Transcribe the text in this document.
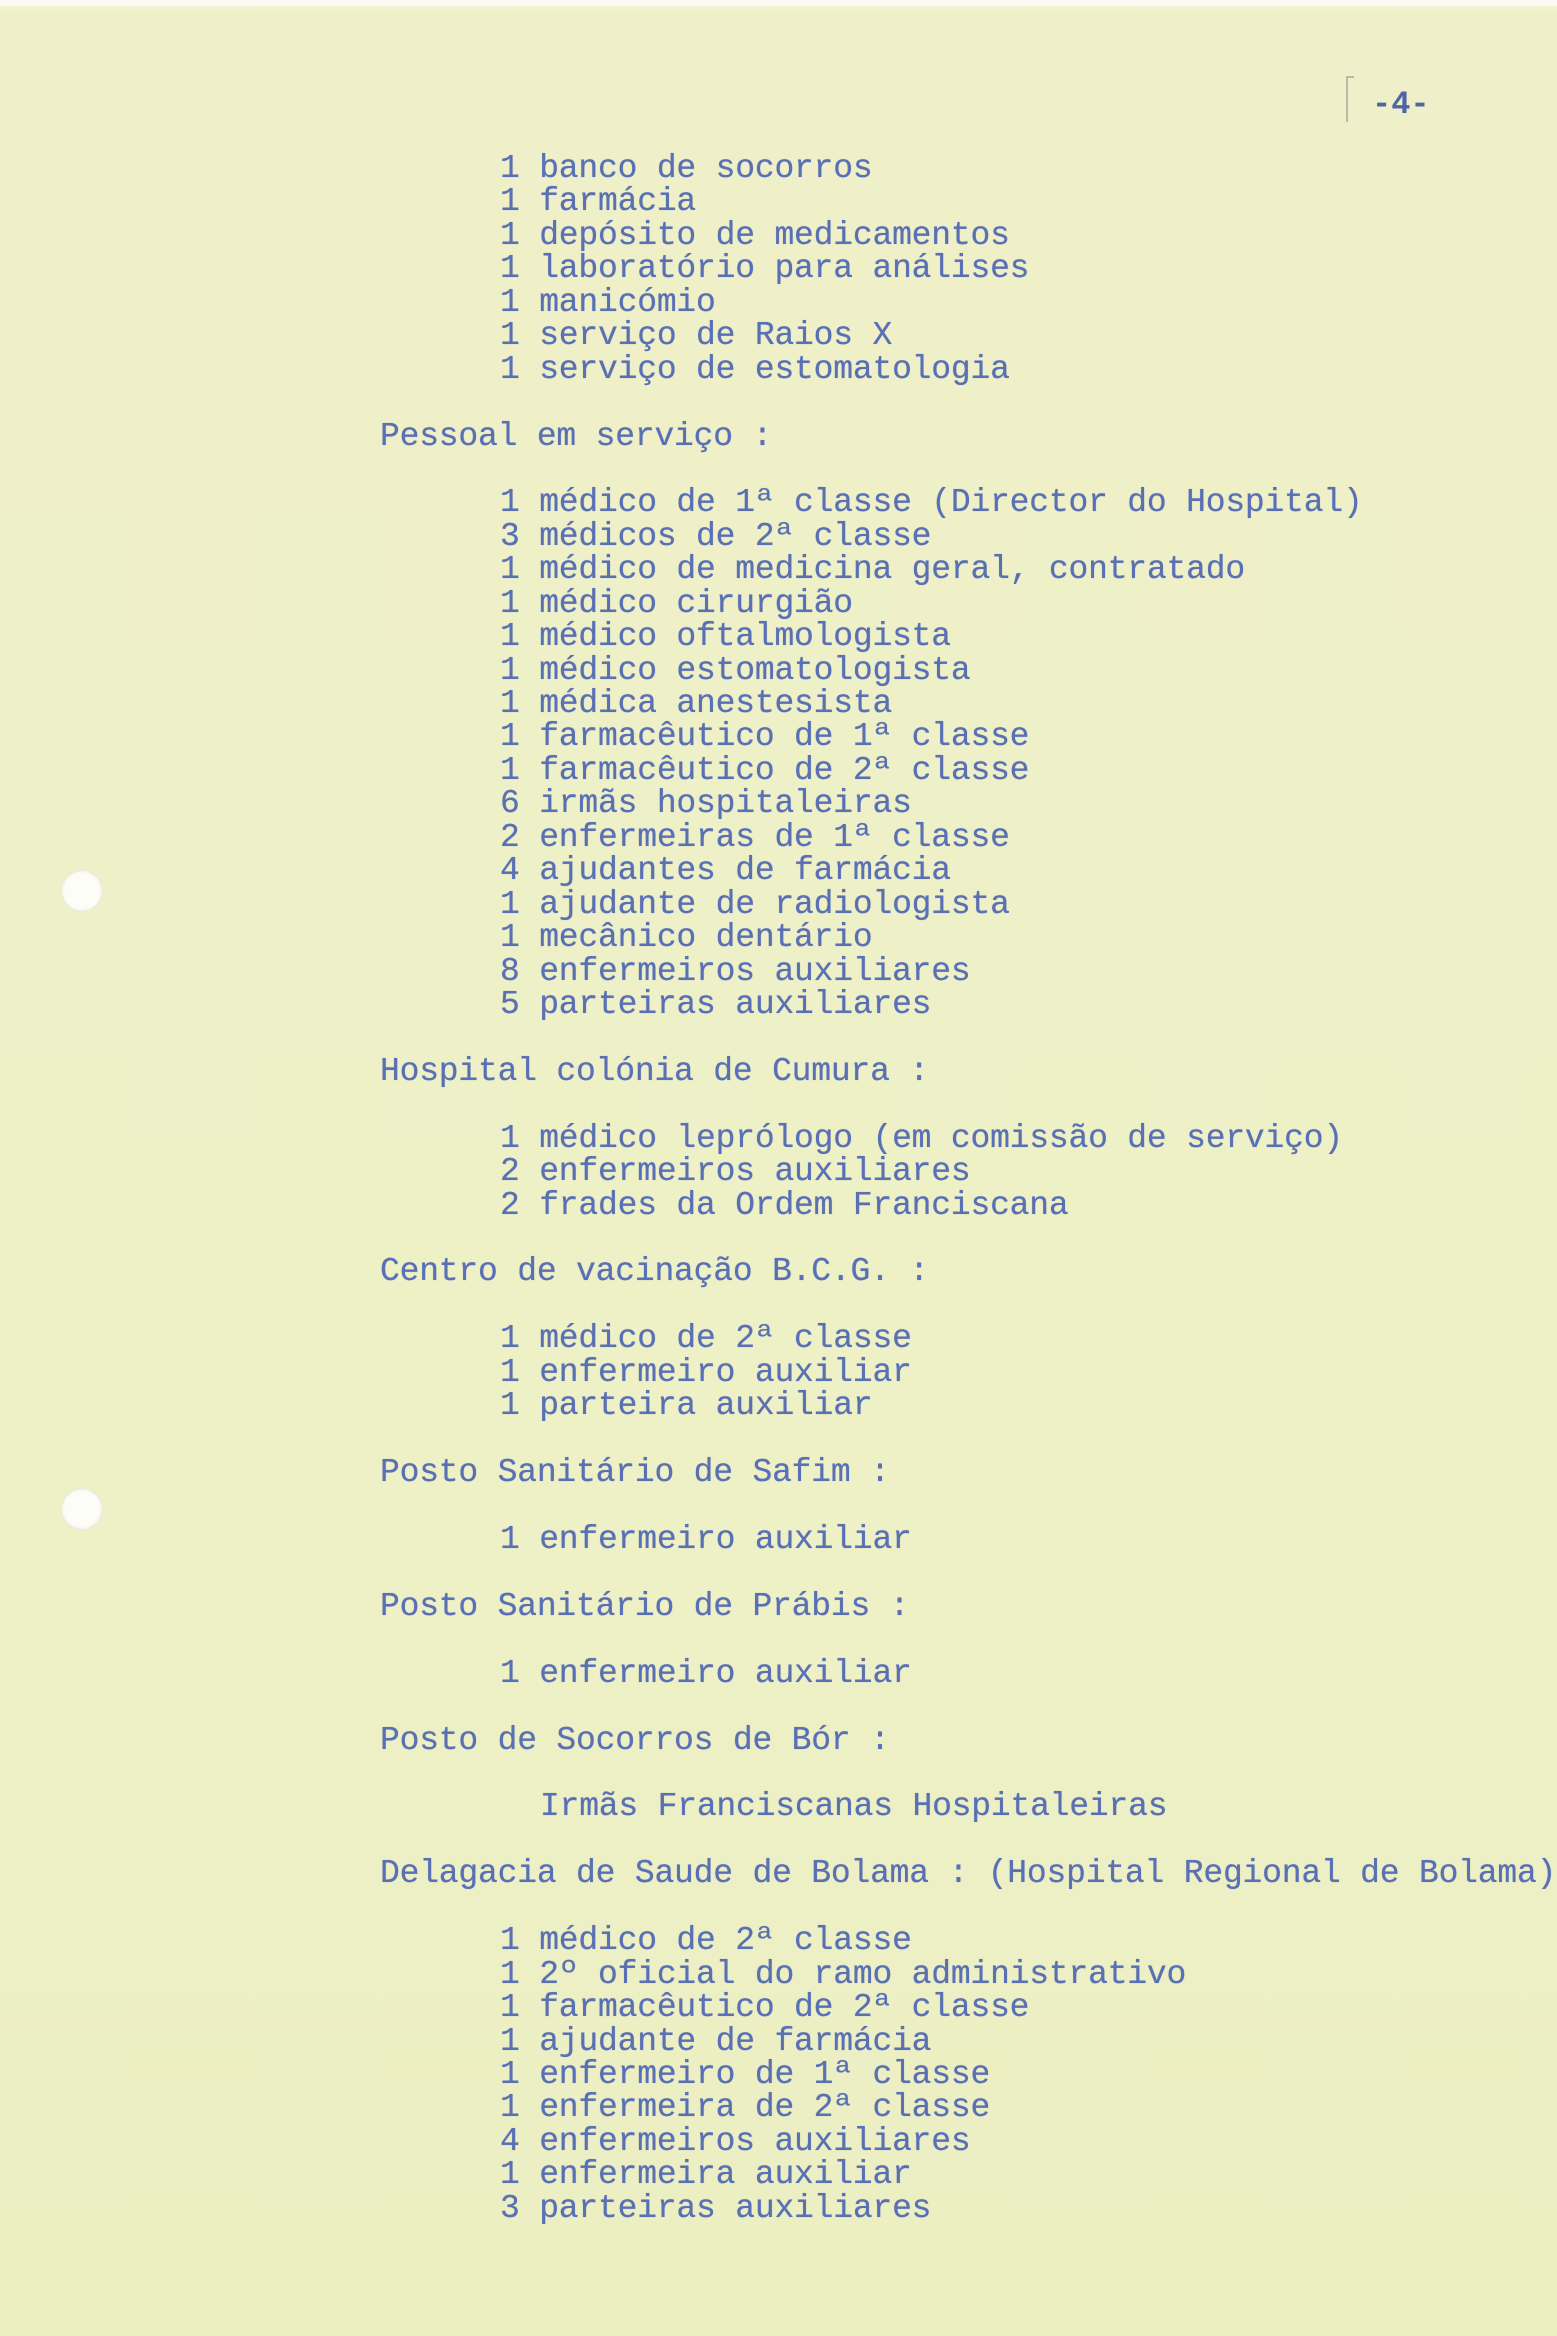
-4-
1 banco de socorros
1 farmácia
1 depósito de medicamentos
1 laboratório para análises
1 manicómio
1 serviço de Raios X
1 serviço de estomatologia
Pessoal em serviço :
1 médico de 1ª classe (Director do Hospital)
3 médicos de 2ª classe
1 médico de medicina geral, contratado
1 médico cirurgião
1 médico oftalmologista
1 médico estomatologista
1 médica anestesista
1 farmacêutico de 1ª classe
1 farmacêutico de 2ª classe
6 irmãs hospitaleiras
2 enfermeiras de 1ª classe
4 ajudantes de farmácia
1 ajudante de radiologista
1 mecânico dentário
8 enfermeiros auxiliares
5 parteiras auxiliares
Hospital colónia de Cumura :
1 médico leprólogo (em comissão de serviço)
2 enfermeiros auxiliares
2 frades da Ordem Franciscana
Centro de vacinação B.C.G. :
1 médico de 2ª classe
1 enfermeiro auxiliar
1 parteira auxiliar
Posto Sanitário de Safim :
1 enfermeiro auxiliar
Posto Sanitário de Prábis :
1 enfermeiro auxiliar
Posto de Socorros de Bór :
Irmãs Franciscanas Hospitaleiras
Delagacia de Saude de Bolama : (Hospital Regional de Bolama)
1 médico de 2ª classe
1 2º oficial do ramo administrativo
1 farmacêutico de 2ª classe
1 ajudante de farmácia
1 enfermeiro de 1ª classe
1 enfermeira de 2ª classe
4 enfermeiros auxiliares
1 enfermeira auxiliar
3 parteiras auxiliares
